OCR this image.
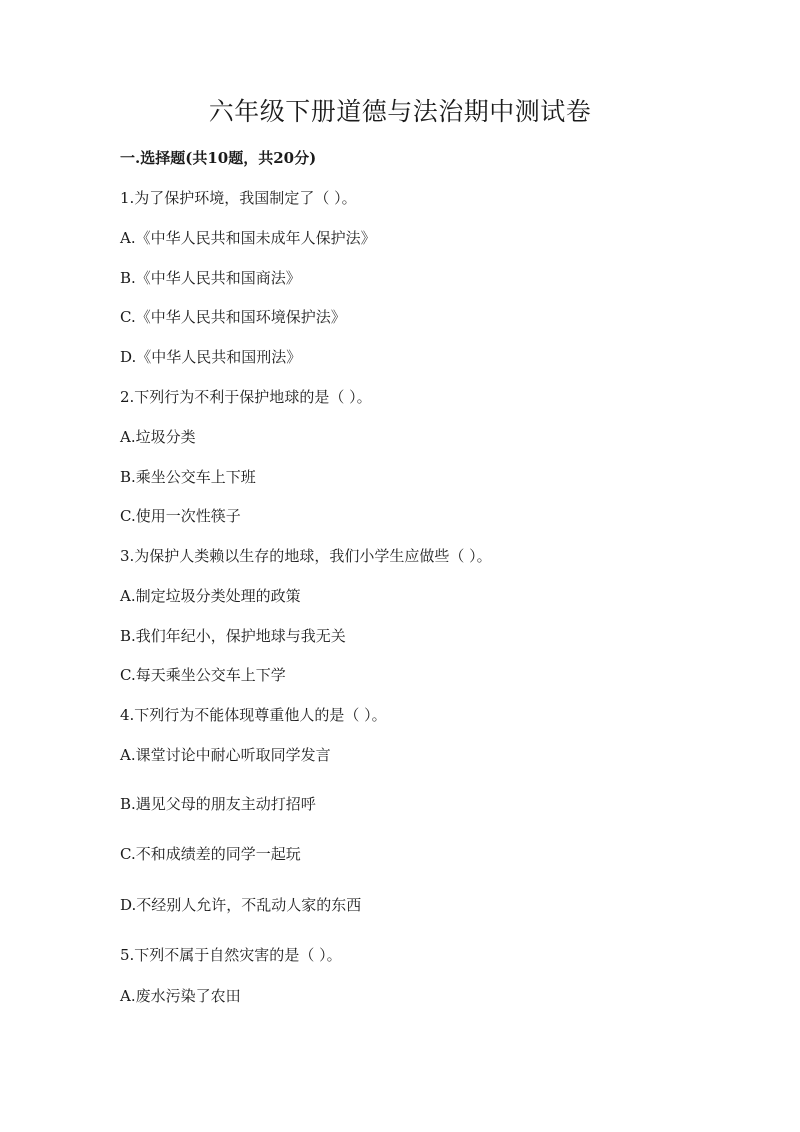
六年级下册道德与法治期中测试卷
一.选择题(共10题，共20分)
1.为了保护环境，我国制定了（ ）。
A.《中华人民共和国未成年人保护法》
B.《中华人民共和国商法》
C.《中华人民共和国环境保护法》
D.《中华人民共和国刑法》
2.下列行为不利于保护地球的是（ ）。
A.垃圾分类
B.乘坐公交车上下班
C.使用一次性筷子
3.为保护人类赖以生存的地球，我们小学生应做些（ ）。
A.制定垃圾分类处理的政策
B.我们年纪小，保护地球与我无关
C.每天乘坐公交车上下学
4.下列行为不能体现尊重他人的是（ ）。
A.课堂讨论中耐心听取同学发言
B.遇见父母的朋友主动打招呼
C.不和成绩差的同学一起玩
D.不经别人允许，不乱动人家的东西
5.下列不属于自然灾害的是（ ）。
A.废水污染了农田
